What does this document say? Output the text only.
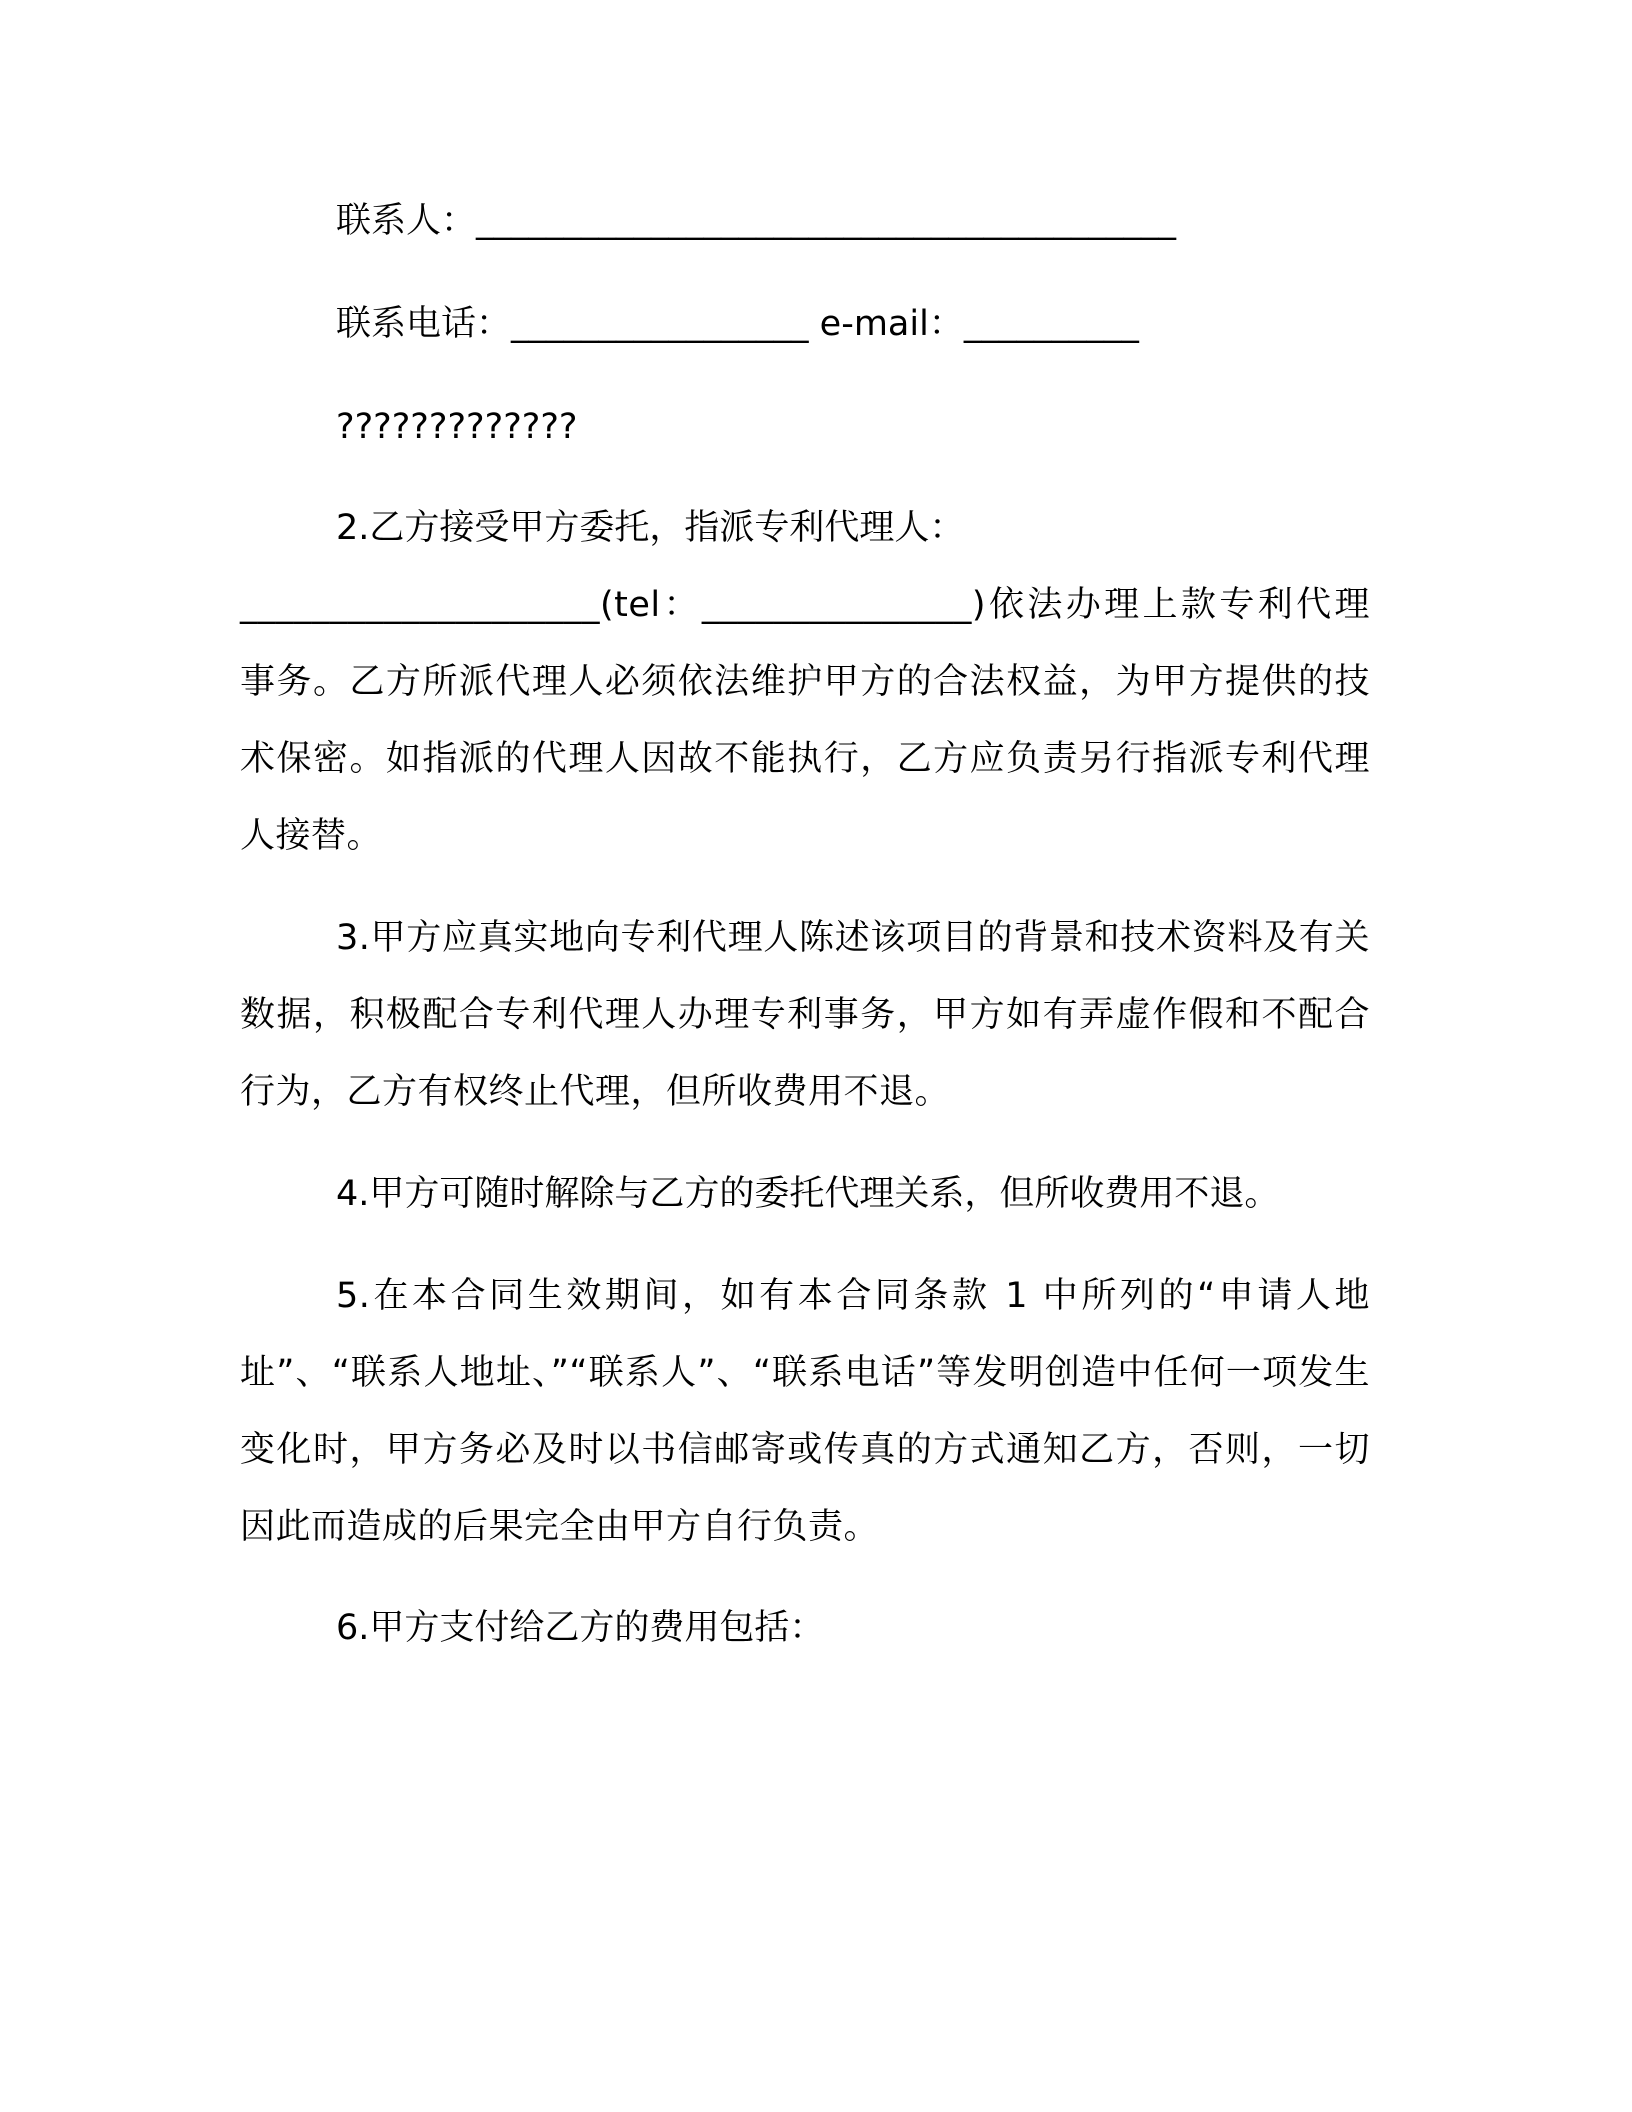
联系人：________________________________________
联系电话：_________________ e-mail：__________
?????????????
2.乙方接受甲方委托，指派专利代理人：
____________________(tel：_______________)依法办理上款专利代理事务。乙方所派代理人必须依法维护甲方的合法权益，为甲方提供的技术保密。如指派的代理人因故不能执行，乙方应负责另行指派专利代理人接替。
3.甲方应真实地向专利代理人陈述该项目的背景和技术资料及有关数据，积极配合专利代理人办理专利事务，甲方如有弄虚作假和不配合行为，乙方有权终止代理，但所收费用不退。
4.甲方可随时解除与乙方的委托代理关系，但所收费用不退。
5.在本合同生效期间，如有本合同条款 1 中所列的“申请人地址”、“联系人地址、”“联系人”、“联系电话”等发明创造中任何一项发生变化时，甲方务必及时以书信邮寄或传真的方式通知乙方，否则，一切因此而造成的后果完全由甲方自行负责。
6.甲方支付给乙方的费用包括：
